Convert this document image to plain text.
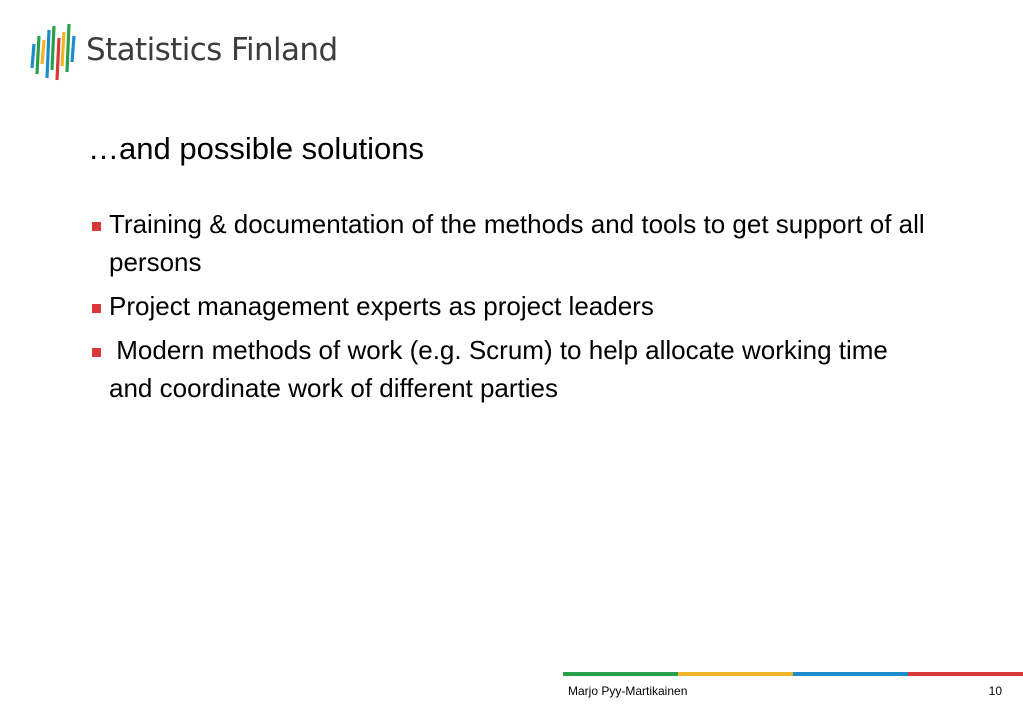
Statistics Finland
…and possible solutions
Training & documentation of the methods and tools to get support of all persons
Project management experts as project leaders
Modern methods of work (e.g. Scrum) to help allocate working time and coordinate work of different parties
Marjo Pyy-Martikainen	10
